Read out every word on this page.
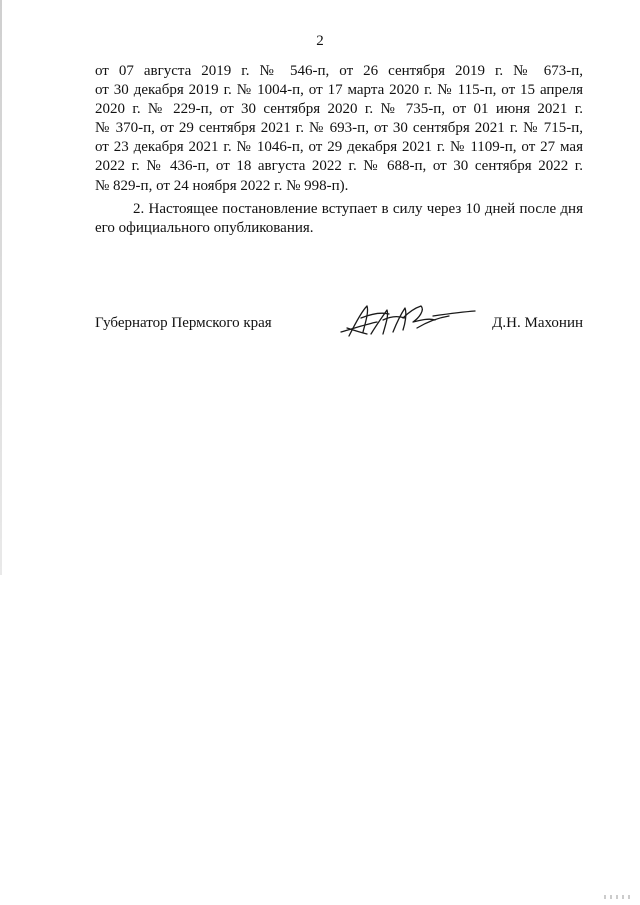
2
от 07 августа 2019 г. № 546-п, от 26 сентября 2019 г. № 673-п,
от 30 декабря 2019 г. № 1004-п, от 17 марта 2020 г. № 115-п, от 15 апреля
2020 г. № 229-п, от 30 сентября 2020 г. № 735-п, от 01 июня 2021 г.
№ 370-п, от 29 сентября 2021 г. № 693-п, от 30 сентября 2021 г. № 715-п,
от 23 декабря 2021 г. № 1046-п, от 29 декабря 2021 г. № 1109-п, от 27 мая
2022 г. № 436-п, от 18 августа 2022 г. № 688-п, от 30 сентября 2022 г.
№ 829-п, от 24 ноября 2022 г. № 998-п).
2. Настоящее постановление вступает в силу через 10 дней после дня
его официального опубликования.
Губернатор Пермского края	Д.Н. Махонин
